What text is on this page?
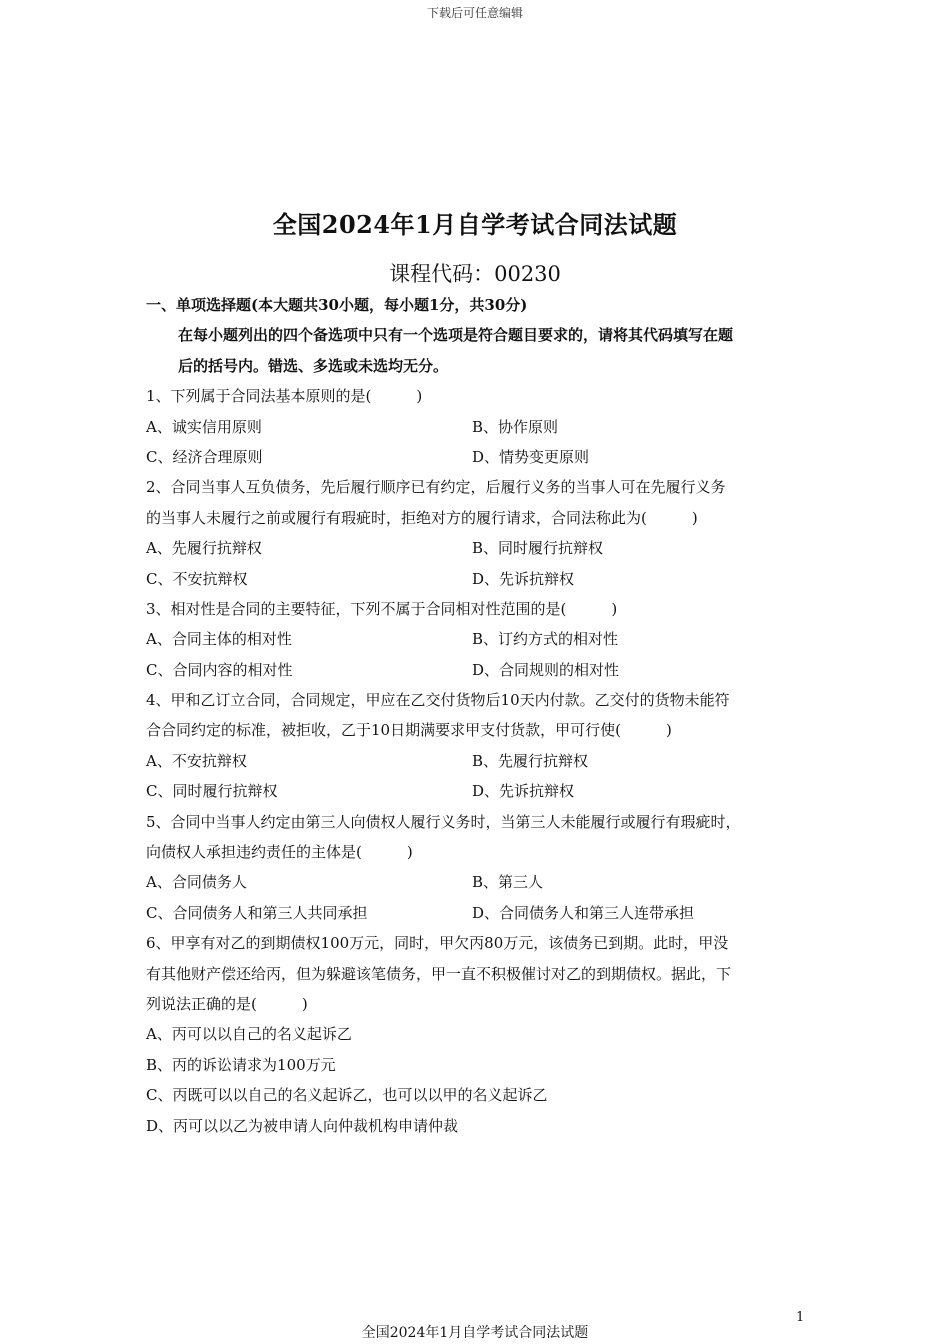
下载后可任意编辑
全国2024年1月自学考试合同法试题
课程代码：00230
一、单项选择题(本大题共30小题，每小题1分，共30分)
在每小题列出的四个备选项中只有一个选项是符合题目要求的，请将其代码填写在题
后的括号内。错选、多选或未选均无分。
1、下列属于合同法基本原则的是(　　　)
A、诚实信用原则	B、协作原则
C、经济合理原则	D、情势变更原则
2、合同当事人互负债务，先后履行顺序已有约定，后履行义务的当事人可在先履行义务
的当事人未履行之前或履行有瑕疵时，拒绝对方的履行请求，合同法称此为(　　　)
A、先履行抗辩权	B、同时履行抗辩权
C、不安抗辩权	D、先诉抗辩权
3、相对性是合同的主要特征，下列不属于合同相对性范围的是(　　　)
A、合同主体的相对性	B、订约方式的相对性
C、合同内容的相对性	D、合同规则的相对性
4、甲和乙订立合同，合同规定，甲应在乙交付货物后10天内付款。乙交付的货物未能符
合合同约定的标准，被拒收，乙于10日期满要求甲支付货款，甲可行使(　　　)
A、不安抗辩权	B、先履行抗辩权
C、同时履行抗辩权	D、先诉抗辩权
5、合同中当事人约定由第三人向债权人履行义务时，当第三人未能履行或履行有瑕疵时，
向债权人承担违约责任的主体是(　　　)
A、合同债务人	B、第三人
C、合同债务人和第三人共同承担	D、合同债务人和第三人连带承担
6、甲享有对乙的到期债权100万元，同时，甲欠丙80万元，该债务已到期。此时，甲没
有其他财产偿还给丙，但为躲避该笔债务，甲一直不积极催讨对乙的到期债权。据此，下
列说法正确的是(　　　)
A、丙可以以自己的名义起诉乙
B、丙的诉讼请求为100万元
C、丙既可以以自己的名义起诉乙，也可以以甲的名义起诉乙
D、丙可以以乙为被申请人向仲裁机构申请仲裁
1
全国2024年1月自学考试合同法试题
